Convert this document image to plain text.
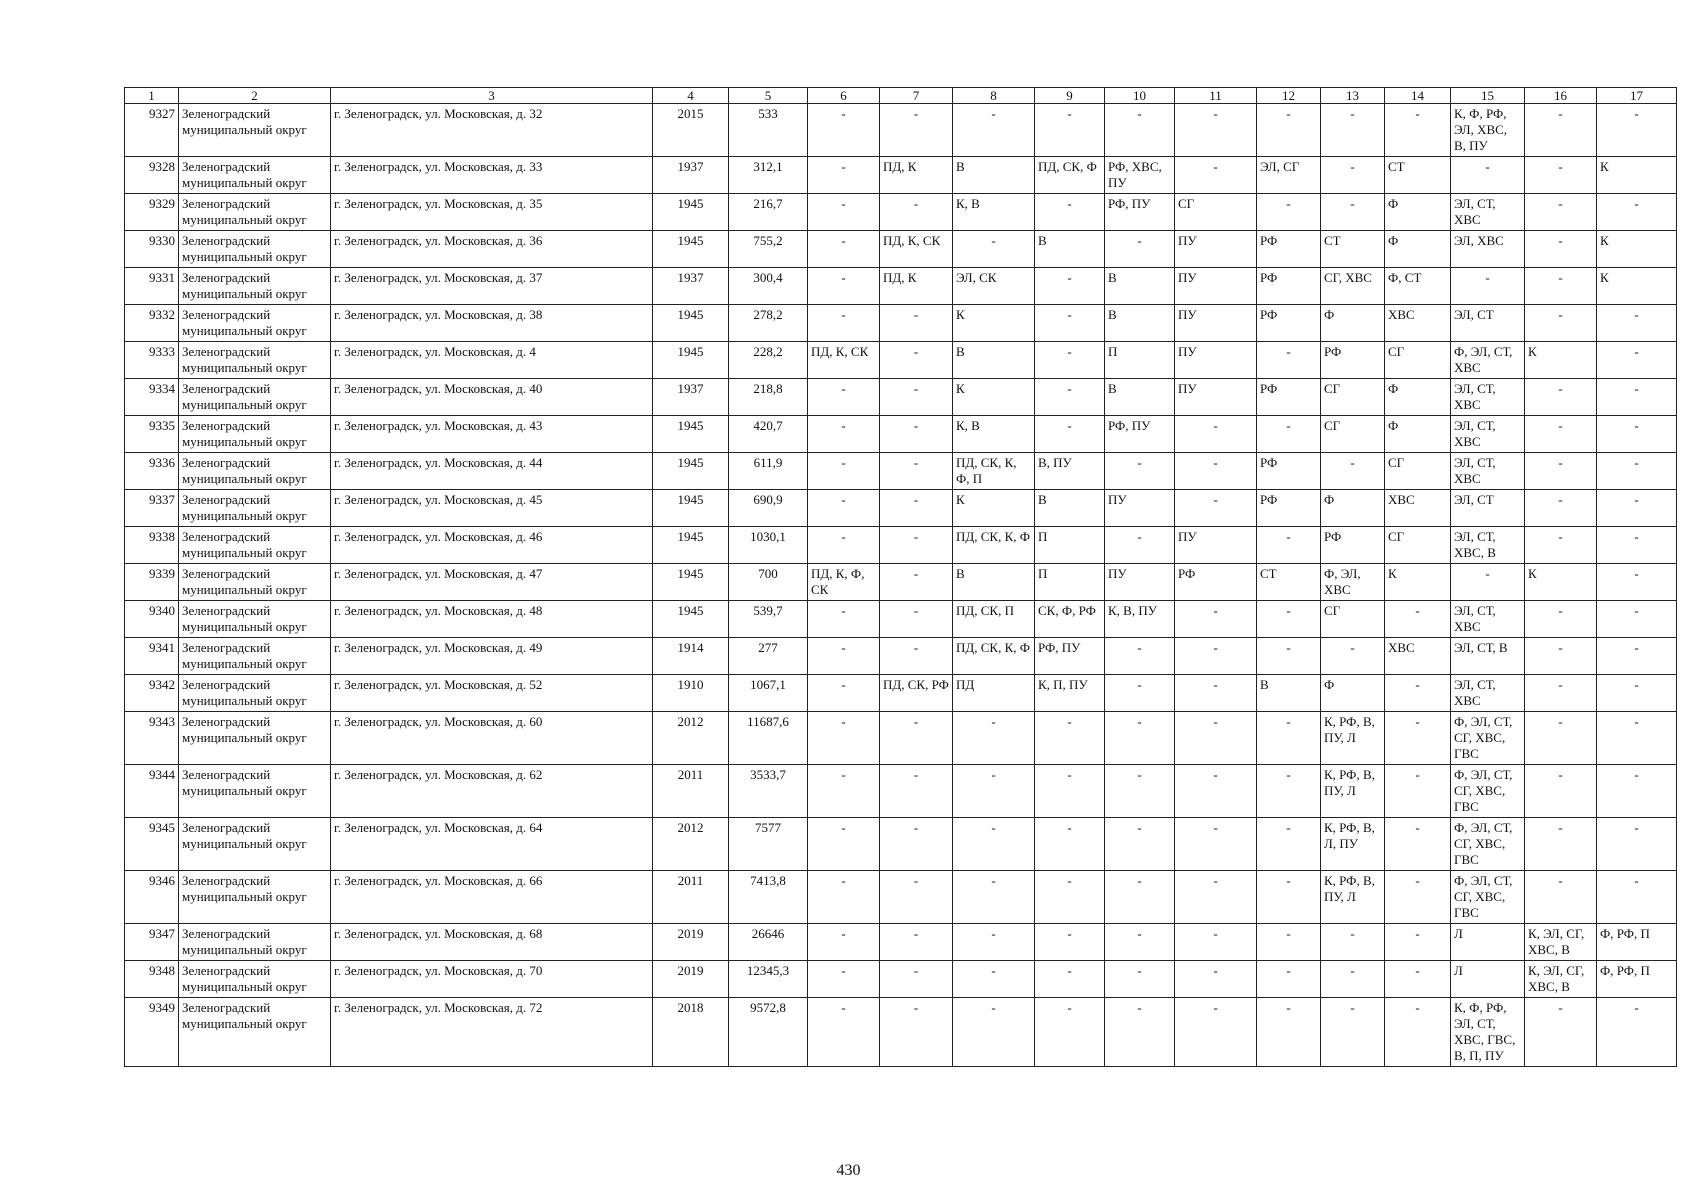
1	2	3	4	5	6	7	8	9	10	11	12	13	14	15	16	17
9327	Зеленоградский муниципальный округ	г. Зеленоградск, ул. Московская, д. 32	2015	533	-	-	-	-	-	-	-	-	-	К, Ф, РФ, ЭЛ, ХВС, В, ПУ	-	-
9328	Зеленоградский муниципальный округ	г. Зеленоградск, ул. Московская, д. 33	1937	312,1	-	ПД, К	В	ПД, СК, Ф	РФ, ХВС, ПУ	-	ЭЛ, СГ	-	СТ	-	-	К
9329	Зеленоградский муниципальный округ	г. Зеленоградск, ул. Московская, д. 35	1945	216,7	-	-	К, В	-	РФ, ПУ	СГ	-	-	Ф	ЭЛ, СТ, ХВС	-	-
9330	Зеленоградский муниципальный округ	г. Зеленоградск, ул. Московская, д. 36	1945	755,2	-	ПД, К, СК	-	В	-	ПУ	РФ	СТ	Ф	ЭЛ, ХВС	-	К
9331	Зеленоградский муниципальный округ	г. Зеленоградск, ул. Московская, д. 37	1937	300,4	-	ПД, К	ЭЛ, СК	-	В	ПУ	РФ	СГ, ХВС	Ф, СТ	-	-	К
9332	Зеленоградский муниципальный округ	г. Зеленоградск, ул. Московская, д. 38	1945	278,2	-	-	К	-	В	ПУ	РФ	Ф	ХВС	ЭЛ, СТ	-	-
9333	Зеленоградский муниципальный округ	г. Зеленоградск, ул. Московская, д. 4	1945	228,2	ПД, К, СК	-	В	-	П	ПУ	-	РФ	СГ	Ф, ЭЛ, СТ, ХВС	К	-
9334	Зеленоградский муниципальный округ	г. Зеленоградск, ул. Московская, д. 40	1937	218,8	-	-	К	-	В	ПУ	РФ	СГ	Ф	ЭЛ, СТ, ХВС	-	-
9335	Зеленоградский муниципальный округ	г. Зеленоградск, ул. Московская, д. 43	1945	420,7	-	-	К, В	-	РФ, ПУ	-	-	СГ	Ф	ЭЛ, СТ, ХВС	-	-
9336	Зеленоградский муниципальный округ	г. Зеленоградск, ул. Московская, д. 44	1945	611,9	-	-	ПД, СК, К, Ф, П	В, ПУ	-	-	РФ	-	СГ	ЭЛ, СТ, ХВС	-	-
9337	Зеленоградский муниципальный округ	г. Зеленоградск, ул. Московская, д. 45	1945	690,9	-	-	К	В	ПУ	-	РФ	Ф	ХВС	ЭЛ, СТ	-	-
9338	Зеленоградский муниципальный округ	г. Зеленоградск, ул. Московская, д. 46	1945	1030,1	-	-	ПД, СК, К, Ф	П	-	ПУ	-	РФ	СГ	ЭЛ, СТ, ХВС, В	-	-
9339	Зеленоградский муниципальный округ	г. Зеленоградск, ул. Московская, д. 47	1945	700	ПД, К, Ф, СК	-	В	П	ПУ	РФ	СТ	Ф, ЭЛ, ХВС	К	-	К	-
9340	Зеленоградский муниципальный округ	г. Зеленоградск, ул. Московская, д. 48	1945	539,7	-	-	ПД, СК, П	СК, Ф, РФ	К, В, ПУ	-	-	СГ	-	ЭЛ, СТ, ХВС	-	-
9341	Зеленоградский муниципальный округ	г. Зеленоградск, ул. Московская, д. 49	1914	277	-	-	ПД, СК, К, Ф	РФ, ПУ	-	-	-	-	ХВС	ЭЛ, СТ, В	-	-
9342	Зеленоградский муниципальный округ	г. Зеленоградск, ул. Московская, д. 52	1910	1067,1	-	ПД, СК, РФ	ПД	К, П, ПУ	-	-	В	Ф	-	ЭЛ, СТ, ХВС	-	-
9343	Зеленоградский муниципальный округ	г. Зеленоградск, ул. Московская, д. 60	2012	11687,6	-	-	-	-	-	-	-	К, РФ, В, ПУ, Л	-	Ф, ЭЛ, СТ, СГ, ХВС, ГВС	-	-
9344	Зеленоградский муниципальный округ	г. Зеленоградск, ул. Московская, д. 62	2011	3533,7	-	-	-	-	-	-	-	К, РФ, В, ПУ, Л	-	Ф, ЭЛ, СТ, СГ, ХВС, ГВС	-	-
9345	Зеленоградский муниципальный округ	г. Зеленоградск, ул. Московская, д. 64	2012	7577	-	-	-	-	-	-	-	К, РФ, В, Л, ПУ	-	Ф, ЭЛ, СТ, СГ, ХВС, ГВС	-	-
9346	Зеленоградский муниципальный округ	г. Зеленоградск, ул. Московская, д. 66	2011	7413,8	-	-	-	-	-	-	-	К, РФ, В, ПУ, Л	-	Ф, ЭЛ, СТ, СГ, ХВС, ГВС	-	-
9347	Зеленоградский муниципальный округ	г. Зеленоградск, ул. Московская, д. 68	2019	26646	-	-	-	-	-	-	-	-	-	Л	К, ЭЛ, СГ, ХВС, В	Ф, РФ, П
9348	Зеленоградский муниципальный округ	г. Зеленоградск, ул. Московская, д. 70	2019	12345,3	-	-	-	-	-	-	-	-	-	Л	К, ЭЛ, СГ, ХВС, В	Ф, РФ, П
9349	Зеленоградский муниципальный округ	г. Зеленоградск, ул. Московская, д. 72	2018	9572,8	-	-	-	-	-	-	-	-	-	К, Ф, РФ, ЭЛ, СТ, ХВС, ГВС, В, П, ПУ	-	-
430
